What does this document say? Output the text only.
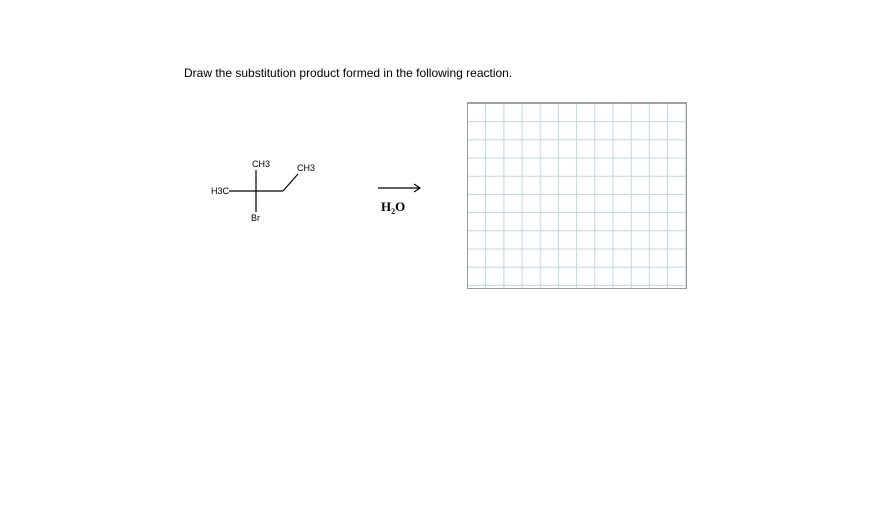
Draw the substitution product formed in the following reaction.
CH3	CH3
H3C
Br
$H_2O$
